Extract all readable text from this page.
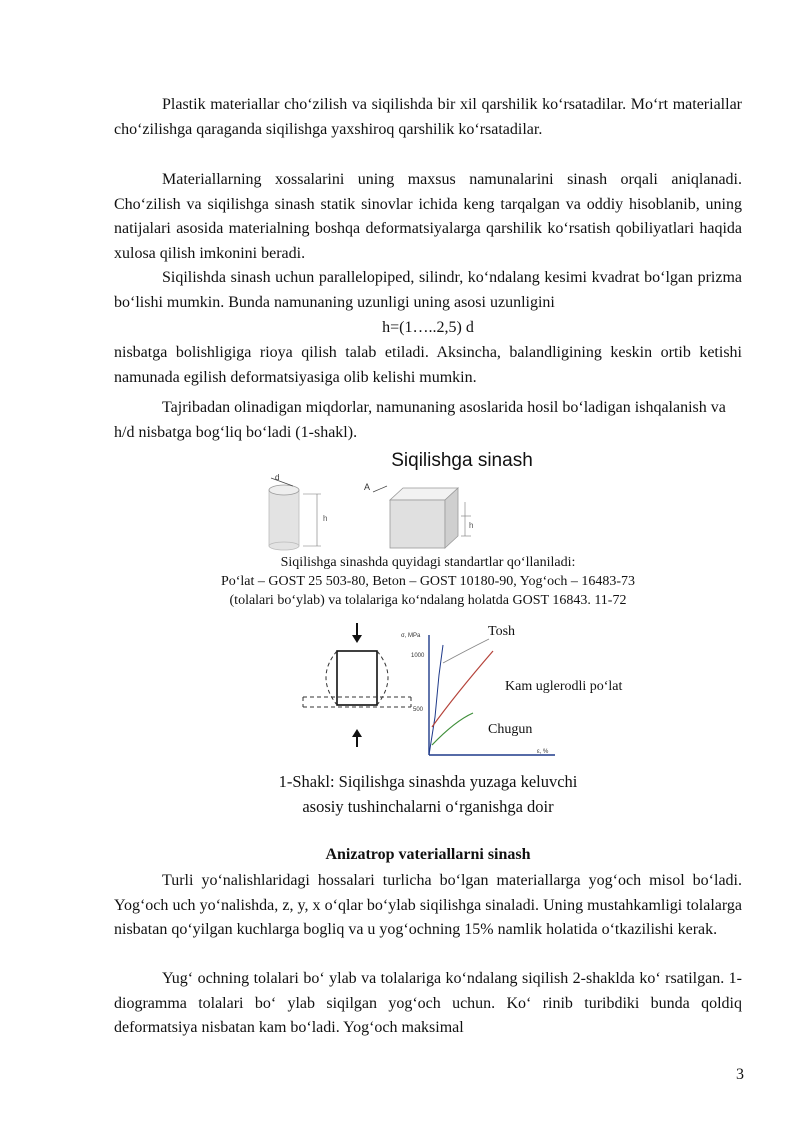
Plastik materiallar cho‘zilish va siqilishda bir xil qarshilik ko‘rsatadilar. Mo‘rt materiallar cho‘zilishga qaraganda siqilishga yaxshiroq qarshilik ko‘rsatadilar.

Materiallarning xossalarini uning maxsus namunalarini sinash orqali aniqlanadi. Cho‘zilish va siqilishga sinash statik sinovlar ichida keng tarqalgan va oddiy hisoblanib, uning natijalari asosida materialning boshqa deformatsiyalarga qarshilik ko‘rsatish qobiliyatlari haqida xulosa qilish imkonini beradi.

Siqilishda sinash uchun parallelopiped, silindr, ko‘ndalang kesimi kvadrat bo‘lgan prizma bo‘lishi mumkin. Bunda namunaning uzunligi uning asosi uzunligini

h=(1…..2,5) d

nisbatga bolishligiga rioya qilish talab etiladi. Aksincha, balandligining keskin ortib ketishi namunada egilish deformatsiyasiga olib kelishi mumkin.

Tajribadan olinadigan miqdorlar, namunaning asoslarida hosil bo‘ladigan ishqalanish va h/d nisbatga bog‘liq bo‘ladi (1-shakl).

Siqilishga sinash
d
h
A
h
Siqilishga sinashda quyidagi standartlar qo‘llaniladi:
Po‘lat – GOST 25 503-80, Beton – GOST 10180-90, Yog‘och – 16483-73
(tolalari bo‘ylab) va tolalariga ko‘ndalang holatda GOST 16843. 11-72
σ, MPa
1000
500
ε, %
Tosh
Kam uglerodli po‘lat
Chugun
1-Shakl: Siqilishga sinashda yuzaga keluvchi
asosiy tushinchalarni o‘rganishga doir
Anizatrop vateriallarni sinash

Turli yo‘nalishlaridagi hossalari turlicha bo‘lgan materiallarga yog‘och misol bo‘ladi. Yog‘och uch yo‘nalishda, z, y, x o‘qlar bo‘ylab siqilishga sinaladi. Uning mustahkamligi tolalarga nisbatan qo‘yilgan kuchlarga bogliq va u yog‘ochning 15% namlik holatida o‘tkazilishi kerak.

Yug‘ ochning tolalari bo‘ ylab va tolalariga ko‘ndalang siqilish 2-shaklda ko‘ rsatilgan. 1-diogramma tolalari bo‘ ylab siqilgan yog‘och uchun. Ko‘ rinib turibdiki bunda qoldiq deformatsiya nisbatan kam bo‘ladi. Yog‘och maksimal

3
